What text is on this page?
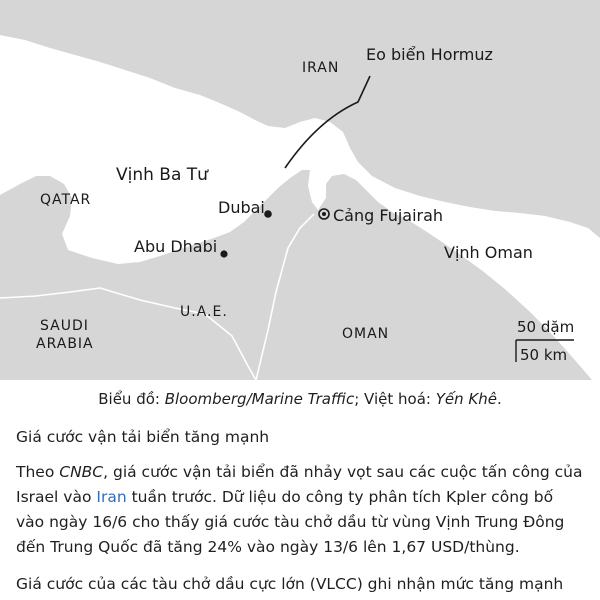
IRAN
Eo biển Hormuz
Vịnh Ba Tư
QATAR	Dubai	Cảng Fujairah
Abu Dhabi	Vịnh Oman
U.A.E.
SAUDI
ARABIA
OMAN	50 dặm
50 km
Biểu đồ: Bloomberg/Marine Traffic; Việt hoá: Yến Khê.
Giá cước vận tải biển tăng mạnh

Theo CNBC, giá cước vận tải biển đã nhảy vọt sau các cuộc tấn công của Israel vào Iran tuần trước. Dữ liệu do công ty phân tích Kpler công bố vào ngày 16/6 cho thấy giá cước tàu chở dầu từ vùng Vịnh Trung Đông đến Trung Quốc đã tăng 24% vào ngày 13/6 lên 1,67 USD/thùng.

Giá cước của các tàu chở dầu cực lớn (VLCC) ghi nhận mức tăng mạnh
